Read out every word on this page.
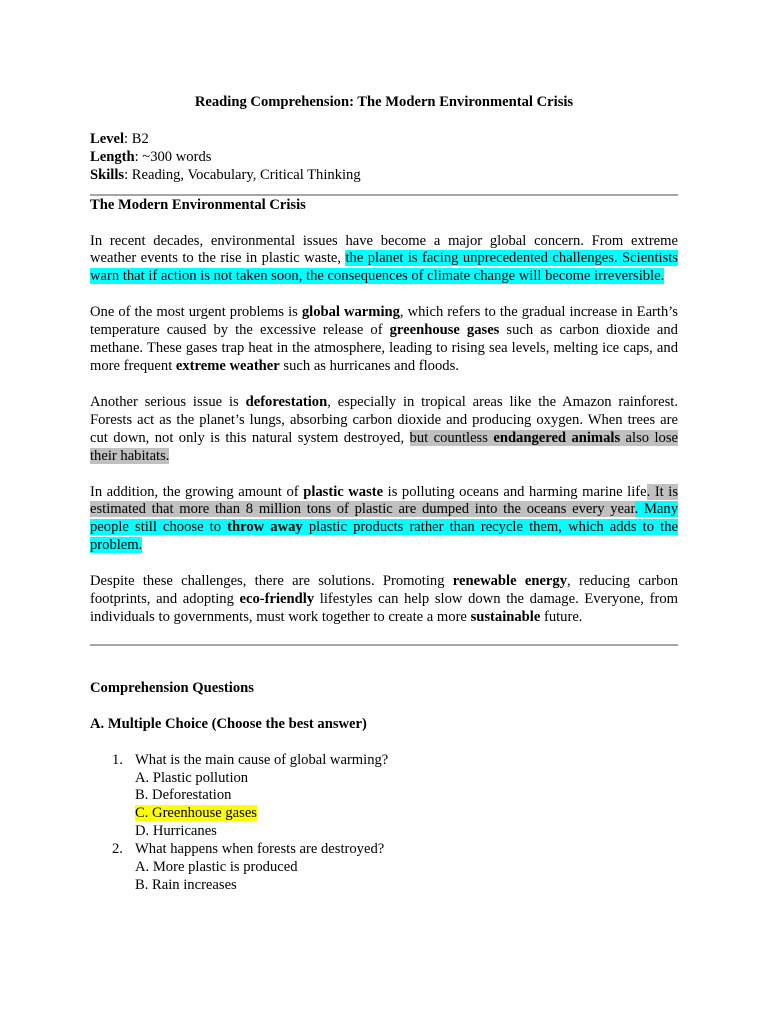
Reading Comprehension: The Modern Environmental Crisis

Level: B2

Length: ~300 words

Skills: Reading, Vocabulary, Critical Thinking

The Modern Environmental Crisis

In recent decades, environmental issues have become a major global concern. From extreme weather events to the rise in plastic waste, the planet is facing unprecedented challenges. Scientists warn that if action is not taken soon, the consequences of climate change will become irreversible.

One of the most urgent problems is global warming, which refers to the gradual increase in Earth’s temperature caused by the excessive release of greenhouse gases such as carbon dioxide and methane. These gases trap heat in the atmosphere, leading to rising sea levels, melting ice caps, and more frequent extreme weather such as hurricanes and floods.

Another serious issue is deforestation, especially in tropical areas like the Amazon rainforest. Forests act as the planet’s lungs, absorbing carbon dioxide and producing oxygen. When trees are cut down, not only is this natural system destroyed, but countless endangered animals also lose their habitats.

In addition, the growing amount of plastic waste is polluting oceans and harming marine life. It is estimated that more than 8 million tons of plastic are dumped into the oceans every year. Many people still choose to throw away plastic products rather than recycle them, which adds to the problem.

Despite these challenges, there are solutions. Promoting renewable energy, reducing carbon footprints, and adopting eco-friendly lifestyles can help slow down the damage. Everyone, from individuals to governments, must work together to create a more sustainable future.

Comprehension Questions

A. Multiple Choice (Choose the best answer)

1. What is the main cause of global warming?
A. Plastic pollution
B. Deforestation
C. Greenhouse gases
D. Hurricanes
2. What happens when forests are destroyed?
A. More plastic is produced
B. Rain increases
